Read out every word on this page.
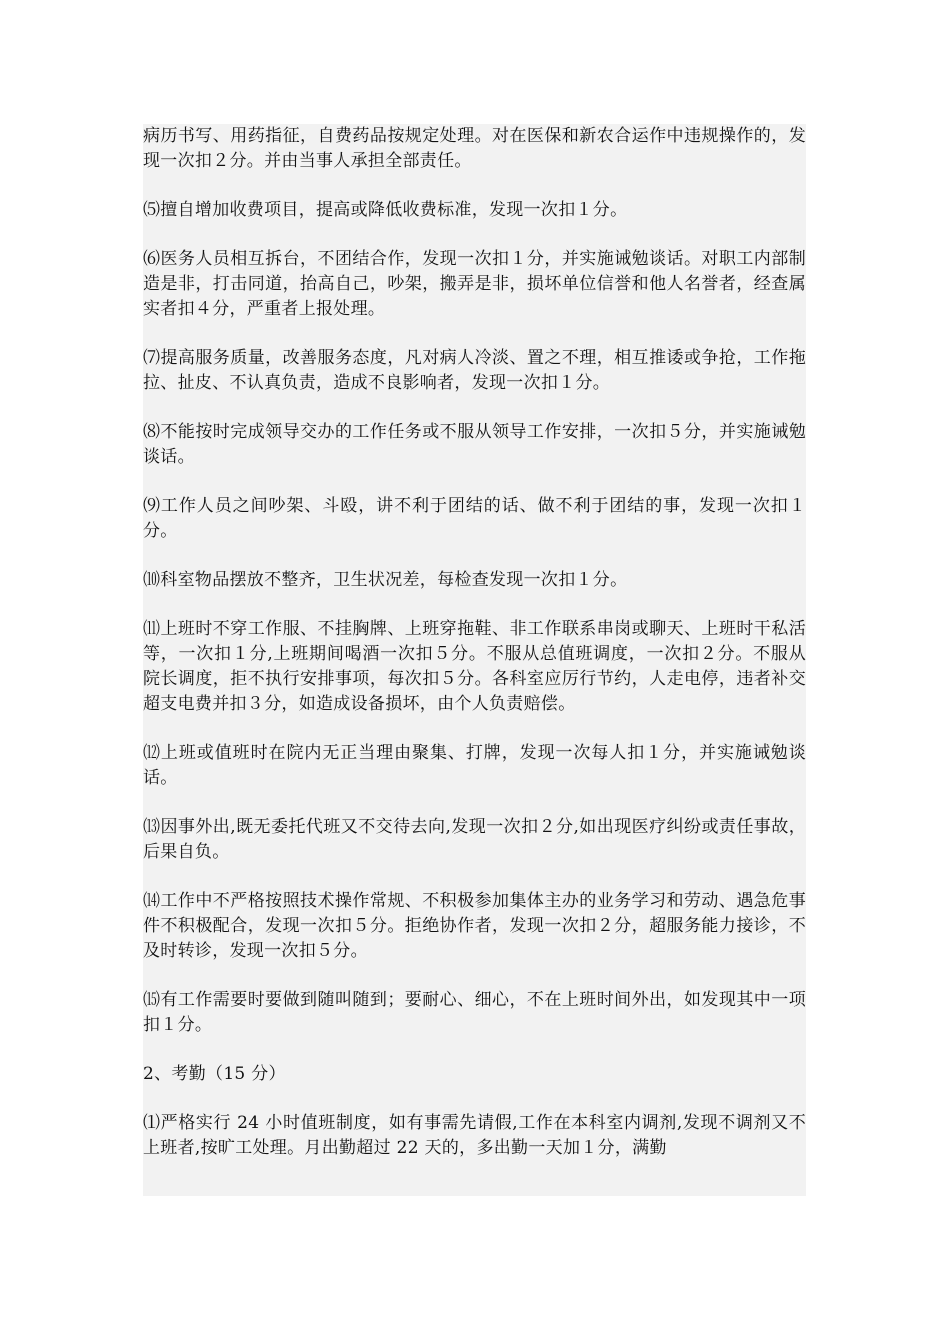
病历书写、用药指征，自费药品按规定处理。对在医保和新农合运作中违规操作的，发现一次扣２分。并由当事人承担全部责任。

⑸擅自增加收费项目，提高或降低收费标准，发现一次扣１分。

⑹医务人员相互拆台，不团结合作，发现一次扣１分，并实施诫勉谈话。对职工内部制造是非，打击同道，抬高自己，吵架，搬弄是非，损坏单位信誉和他人名誉者，经查属实者扣４分，严重者上报处理。

⑺提高服务质量，改善服务态度，凡对病人冷淡、置之不理，相互推诿或争抢，工作拖拉、扯皮、不认真负责，造成不良影响者，发现一次扣１分。

⑻不能按时完成领导交办的工作任务或不服从领导工作安排，一次扣５分，并实施诫勉谈话。

⑼工作人员之间吵架、斗殴，讲不利于团结的话、做不利于团结的事，发现一次扣１分。

⑽科室物品摆放不整齐，卫生状况差，每检查发现一次扣１分。

⑾上班时不穿工作服、不挂胸牌、上班穿拖鞋、非工作联系串岗或聊天、上班时干私活等，一次扣１分,上班期间喝酒一次扣５分。不服从总值班调度，一次扣２分。不服从院长调度，拒不执行安排事项，每次扣５分。各科室应厉行节约，人走电停，违者补交超支电费并扣３分，如造成设备损坏，由个人负责赔偿。

⑿上班或值班时在院内无正当理由聚集、打牌，发现一次每人扣１分，并实施诫勉谈话。

⒀因事外出,既无委托代班又不交待去向,发现一次扣２分,如出现医疗纠纷或责任事故，后果自负。

⒁工作中不严格按照技术操作常规、不积极参加集体主办的业务学习和劳动、遇急危事件不积极配合，发现一次扣５分。拒绝协作者，发现一次扣２分，超服务能力接诊，不及时转诊，发现一次扣５分。

⒂有工作需要时要做到随叫随到；要耐心、细心，不在上班时间外出，如发现其中一项扣１分。

2、考勤（15 分）

⑴严格实行 24 小时值班制度，如有事需先请假,工作在本科室内调剂,发现不调剂又不上班者,按旷工处理。月出勤超过 22 天的，多出勤一天加１分，满勤
